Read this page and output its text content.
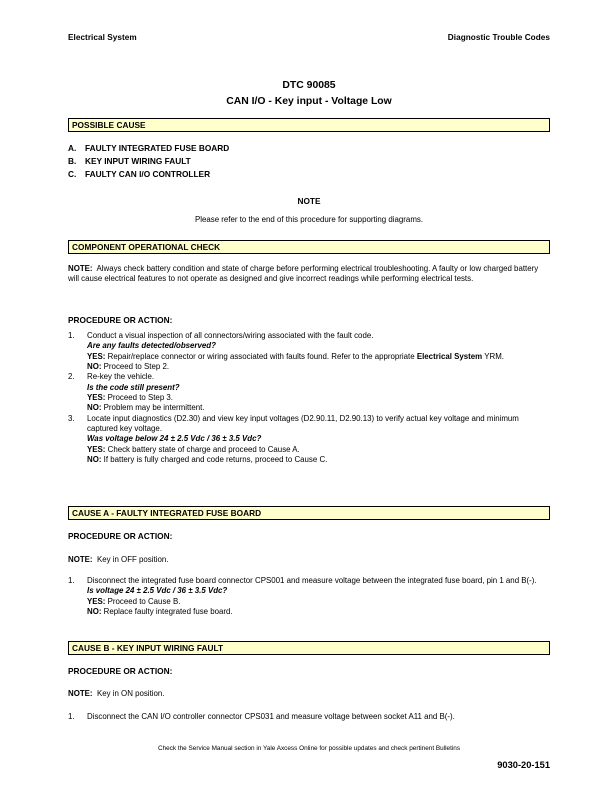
Electrical System	Diagnostic Trouble Codes
DTC 90085
CAN I/O - Key input - Voltage Low
POSSIBLE CAUSE
A.	FAULTY INTEGRATED FUSE BOARD
B.	KEY INPUT WIRING FAULT
C.	FAULTY CAN I/O CONTROLLER
NOTE
Please refer to the end of this procedure for supporting diagrams.
COMPONENT OPERATIONAL CHECK
NOTE: Always check battery condition and state of charge before performing electrical troubleshooting. A faulty or low charged battery will cause electrical features to not operate as designed and give incorrect readings while performing electrical tests.
PROCEDURE OR ACTION:
1.	Conduct a visual inspection of all connectors/wiring associated with the fault code.
Are any faults detected/observed?
YES: Repair/replace connector or wiring associated with faults found. Refer to the appropriate Electrical System YRM.
NO: Proceed to Step 2.
2.	Re-key the vehicle.
Is the code still present?
YES: Proceed to Step 3.
NO: Problem may be intermittent.
3.	Locate input diagnostics (D2.30) and view key input voltages (D2.90.11, D2.90.13) to verify actual key voltage and minimum captured key voltage.
Was voltage below 24 ± 2.5 Vdc / 36 ± 3.5 Vdc?
YES: Check battery state of charge and proceed to Cause A.
NO: If battery is fully charged and code returns, proceed to Cause C.
CAUSE A - FAULTY INTEGRATED FUSE BOARD
PROCEDURE OR ACTION:
NOTE: Key in OFF position.
1.	Disconnect the integrated fuse board connector CPS001 and measure voltage between the integrated fuse board, pin 1 and B(-).
Is voltage 24 ± 2.5 Vdc / 36 ± 3.5 Vdc?
YES: Proceed to Cause B.
NO: Replace faulty integrated fuse board.
CAUSE B - KEY INPUT WIRING FAULT
PROCEDURE OR ACTION:
NOTE: Key in ON position.
1.	Disconnect the CAN I/O controller connector CPS031 and measure voltage between socket A11 and B(-).
Check the Service Manual section in Yale Axcess Online for possible updates and check pertinent Bulletins
9030-20-151
